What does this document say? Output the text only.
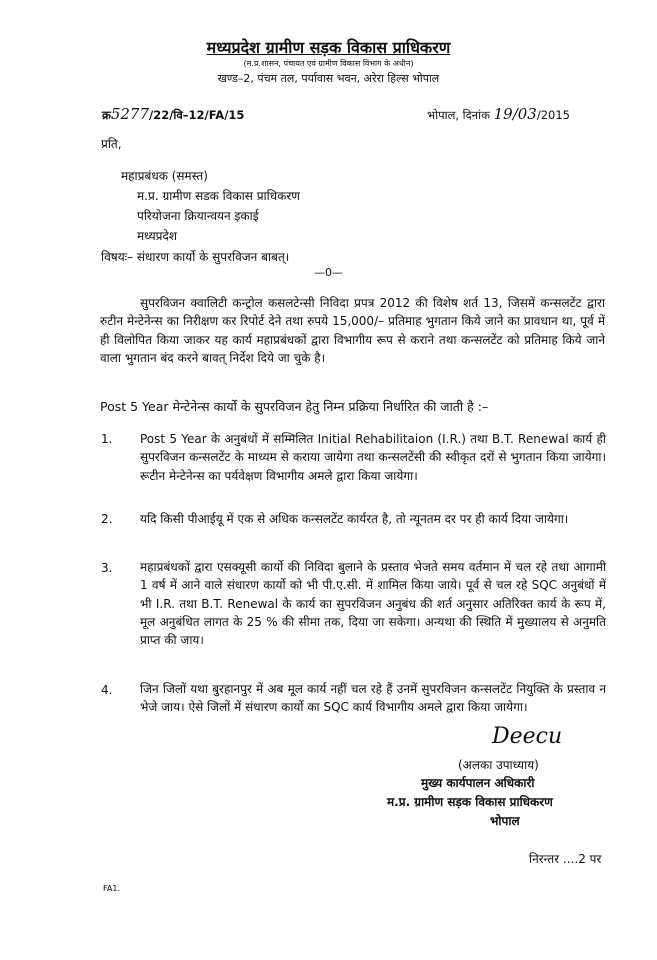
मध्यप्रदेश ग्रामीण सड़क विकास प्राधिकरण
(म.प्र.शासन, पंचायत एवं ग्रामीण विकास विभाग के अधीन)
खण्ड–2, पंचम तल, पर्यावास भवन, अरेरा हिल्स भोपाल
क्र5277/22/वि–12/FA/15	भोपाल, दिनांक 19/03/2015
प्रति,
महाप्रबंधक (समस्त)
म.प्र. ग्रामीण सडक विकास प्राधिकरण
परियोजना क्रियान्वयन इकाई
मध्यप्रदेश
विषयः– संधारण कार्यो के सुपरविजन बाबत्।
—0—
सुपरविजन क्वालिटी कन्ट्रोल कसलटेन्सी निविदा प्रपत्र 2012 की विशेष शर्त 13, जिसमें कन्सलटेंट द्वारा रुटीन मेन्टेनेन्स का निरीक्षण कर रिपोर्ट देने तथा रुपये 15,000/– प्रतिमाह भुगतान किये जाने का प्रावधान था, पूर्व में ही विलोपित किया जाकर यह कार्य महाप्रबंधकों द्वारा विभागीय रूप से कराने तथा कन्सलटेंट को प्रतिमाह किये जाने वाला भुगतान बंद करने बावत् निर्देश दिये जा चुके है।
Post 5 Year मेन्टेनेन्स कार्यो के सुपरविजन हेतु निम्न प्रक्रिया निर्धारित की जाती है :–
1. Post 5 Year के अनुबंधों में सम्मिलित Initial Rehabilitaion (I.R.) तथा B.T. Renewal कार्य ही सुपरविजन कन्सलटेंट के माध्यम से कराया जायेगा तथा कन्सलटेंसी की स्वीकृत दरों से भुगतान किया जायेगा। रूटीन मेन्टेनेन्स का पर्यवेक्षण विभागीय अमले द्वारा किया जायेगा।
2. यदि किसी पीआईयू में एक से अधिक कन्सलटेंट कार्यरत है, तो न्यूनतम दर पर ही कार्य दिया जायेगा।
3. महाप्रबंधकों द्वारा एसक्यूसी कार्यो की निविदा बुलाने के प्रस्ताव भेजते समय वर्तमान में चल रहे तथा आगामी 1 वर्ष में आने वाले संधारण कार्यो को भी पी.ए.सी. में शामिल किया जाये। पूर्व से चल रहे SQC अनुबंधों में भी I.R. तथा B.T. Renewal के कार्य का सुपरविजन अनुबंध की शर्त अनुसार अतिरिक्त कार्य के रूप में, मूल अनुबंधित लागत के 25 % की सीमा तक, दिया जा सकेगा। अन्यथा की स्थिति में मुख्यालय से अनुमति प्राप्त की जाय।
4. जिन जिलों यथा बुरहानपुर में अब मूल कार्य नहीं चल रहे हैं उनमें सुपरविजन कन्सलटेंट नियुक्ति के प्रस्ताव न भेजे जाय। ऐसे जिलों में संधारण कार्यो का SQC कार्य विभागीय अमले द्वारा किया जायेगा।
Deecu
(अलका उपाध्याय)
मुख्य कार्यपालन अधिकारी
म.प्र. ग्रामीण सड़क विकास प्राधिकरण
भोपाल
निरन्तर ....2 पर
FA1.
